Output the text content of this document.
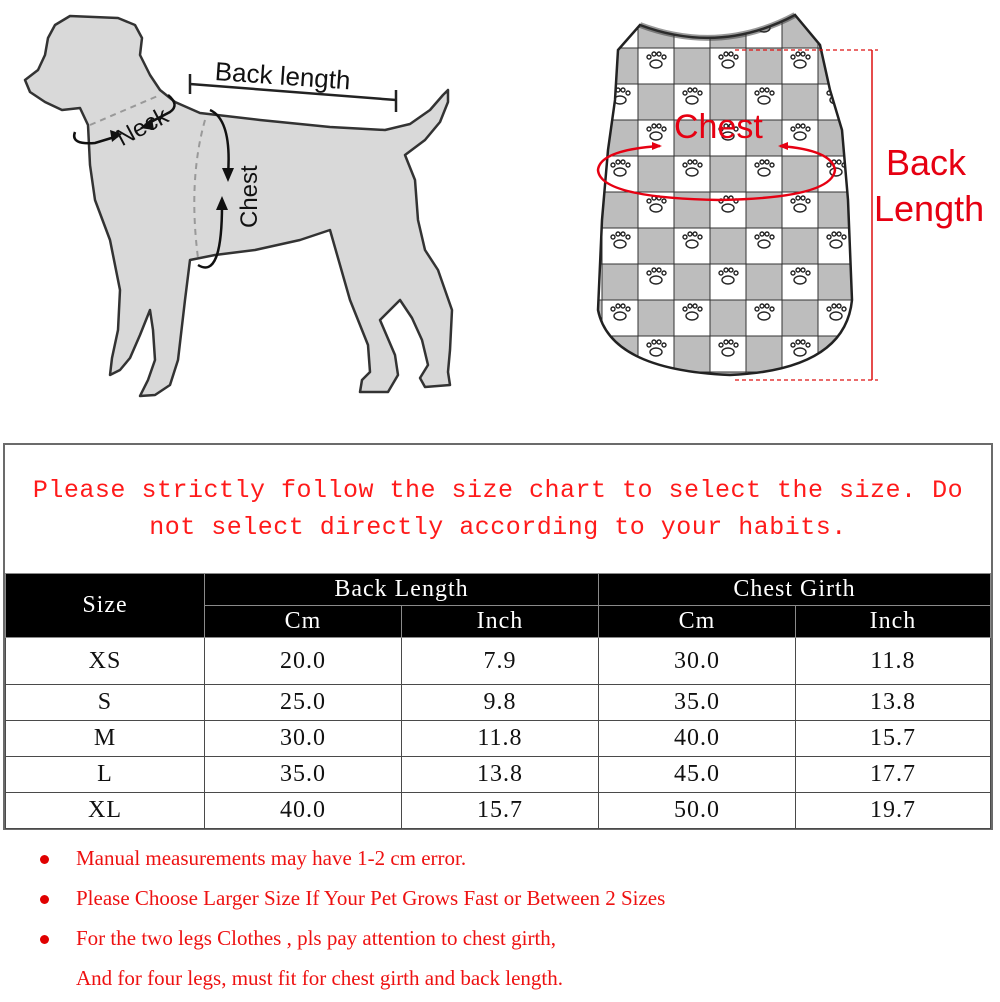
Back length
Neck
Chest
Chest
Back
Length
Please strictly follow the size chart to select the size. Do not select directly according to your habits.
Size	Back Length		Chest Girth	
	Cm	Inch	Cm	Inch
XS	20.0	7.9	30.0	11.8
S	25.0	9.8	35.0	13.8
M	30.0	11.8	40.0	15.7
L	35.0	13.8	45.0	17.7
XL	40.0	15.7	50.0	19.7
Manual measurements may have 1-2 cm error.
Please Choose Larger Size If Your Pet Grows Fast or Between 2 Sizes
For the two legs Clothes , pls pay attention to chest girth,
And for four legs, must fit for chest girth and back length.
